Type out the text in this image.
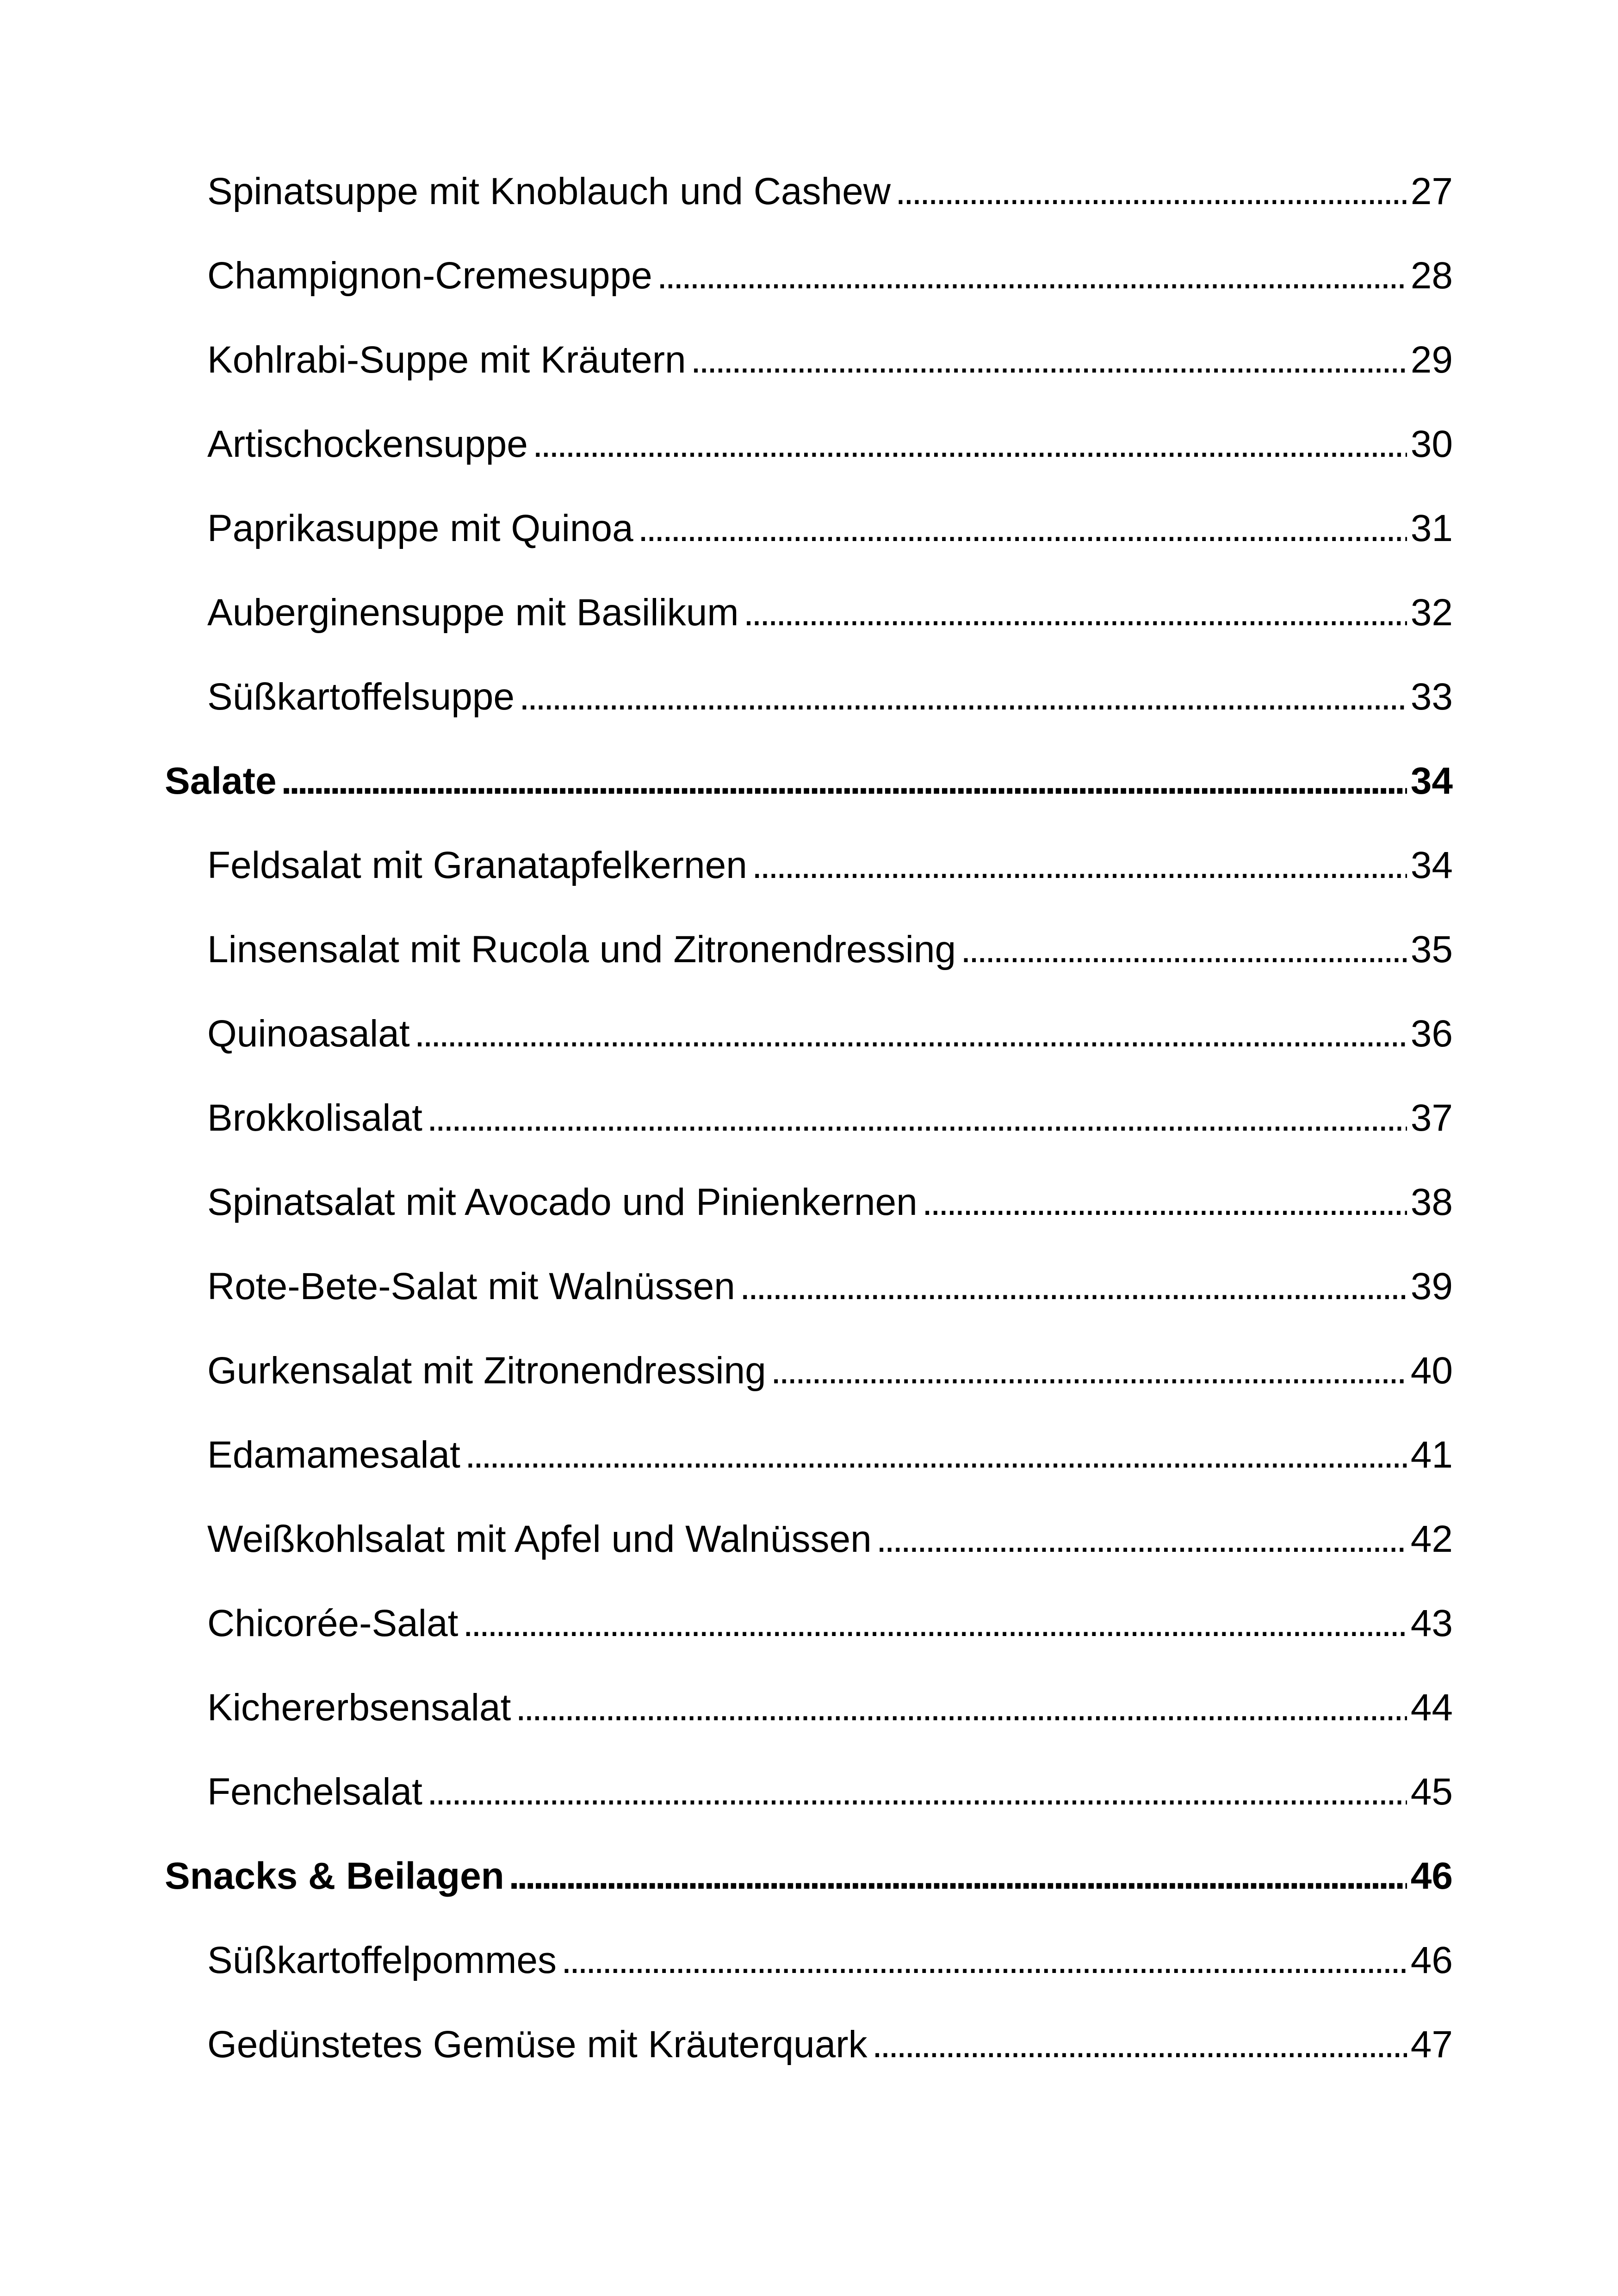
Spinatsuppe mit Knoblauch und Cashew . . .	27
Champignon-Cremesuppe . . .	28
Kohlrabi-Suppe mit Kräutern . . .	29
Artischockensuppe . . .	30
Paprikasuppe mit Quinoa . . .	31
Auberginensuppe mit Basilikum . . .	32
Süßkartoffelsuppe . . .	33
Salate . . .	34
Feldsalat mit Granatapfelkernen . . .	34
Linsensalat mit Rucola und Zitronendressing . . .	35
Quinoasalat . . .	36
Brokkolisalat . . .	37
Spinatsalat mit Avocado und Pinienkernen . . .	38
Rote-Bete-Salat mit Walnüssen . . .	39
Gurkensalat mit Zitronendressing . . .	40
Edamamesalat . . .	41
Weißkohlsalat mit Apfel und Walnüssen . . .	42
Chicorée-Salat . . .	43
Kichererbsensalat . . .	44
Fenchelsalat . . .	45
Snacks & Beilagen . . .	46
Süßkartoffelpommes . . .	46
Gedünstetes Gemüse mit Kräuterquark . . .	47
